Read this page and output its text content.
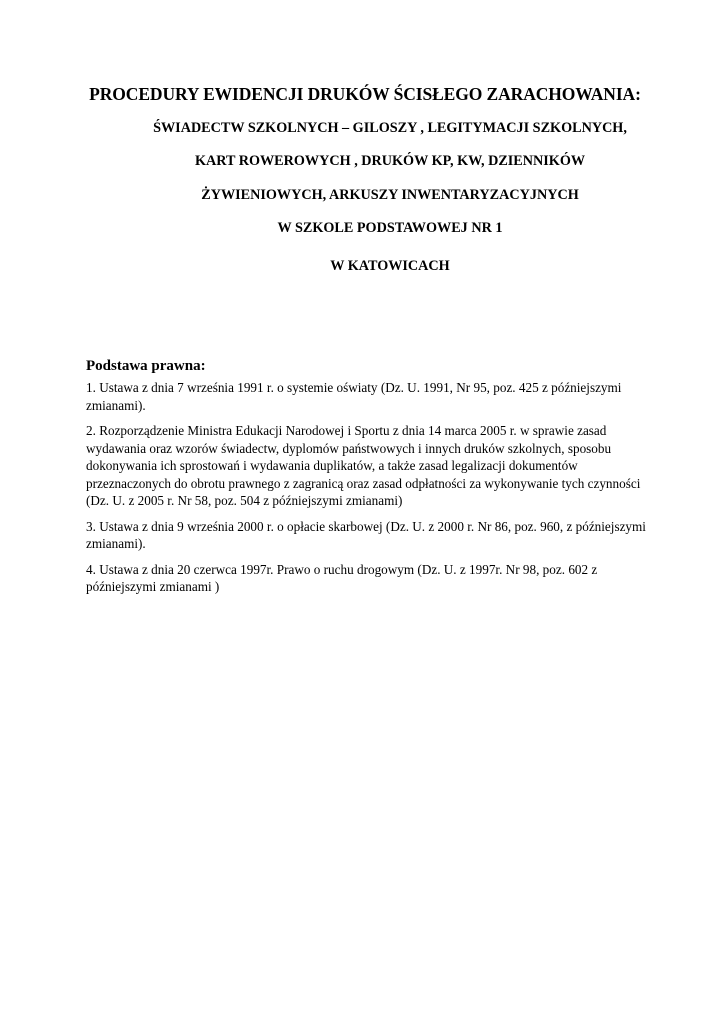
PROCEDURY EWIDENCJI DRUKÓW ŚCISŁEGO ZARACHOWANIA:
ŚWIADECTW SZKOLNYCH – GILOSZY , LEGITYMACJI SZKOLNYCH,
KART ROWEROWYCH , DRUKÓW KP, KW, DZIENNIKÓW
ŻYWIENIOWYCH, ARKUSZY INWENTARYZACYJNYCH
W SZKOLE PODSTAWOWEJ NR 1
W KATOWICACH
Podstawa prawna:
1. Ustawa z dnia 7 września 1991 r. o systemie oświaty (Dz. U. 1991, Nr 95, poz. 425 z późniejszymi zmianami).
2. Rozporządzenie Ministra Edukacji Narodowej i Sportu z dnia 14 marca 2005 r. w sprawie zasad wydawania oraz wzorów świadectw, dyplomów państwowych i innych druków szkolnych, sposobu dokonywania ich sprostowań i wydawania duplikatów, a także zasad legalizacji dokumentów przeznaczonych do obrotu prawnego z zagranicą oraz zasad odpłatności za wykonywanie tych czynności (Dz. U. z 2005 r. Nr 58, poz. 504 z późniejszymi zmianami)
3. Ustawa z dnia 9 września 2000 r. o opłacie skarbowej (Dz. U. z 2000 r. Nr 86, poz. 960, z późniejszymi zmianami).
4. Ustawa z dnia 20 czerwca 1997r. Prawo o ruchu drogowym (Dz. U. z 1997r. Nr 98, poz. 602 z późniejszymi zmianami )
